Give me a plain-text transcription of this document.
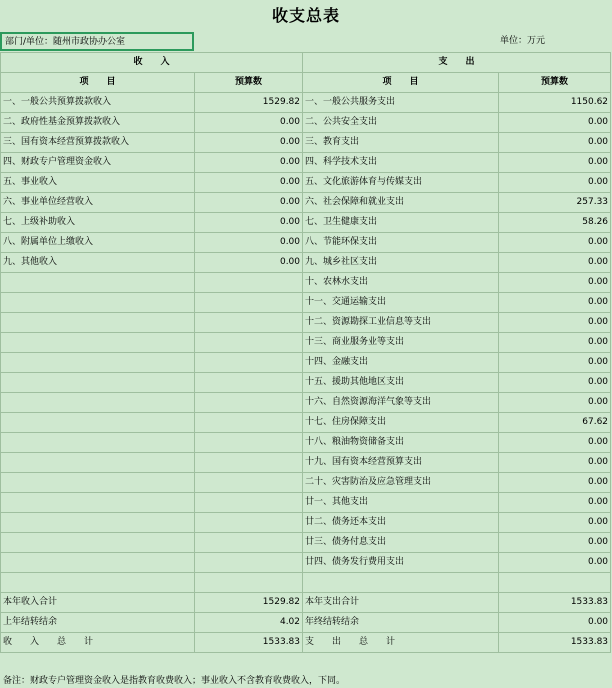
收支总表
部门/单位：随州市政协办公室	单位：万元
收　　入		支　　出	
项　　目	预算数	项　　目	预算数
一、一般公共预算拨款收入	1529.82	一、一般公共服务支出	1150.62
二、政府性基金预算拨款收入	0.00	二、公共安全支出	0.00
三、国有资本经营预算拨款收入	0.00	三、教育支出	0.00
四、财政专户管理资金收入	0.00	四、科学技术支出	0.00
五、事业收入	0.00	五、文化旅游体育与传媒支出	0.00
六、事业单位经营收入	0.00	六、社会保障和就业支出	257.33
七、上级补助收入	0.00	七、卫生健康支出	58.26
八、附属单位上缴收入	0.00	八、节能环保支出	0.00
九、其他收入	0.00	九、城乡社区支出	0.00
		十、农林水支出	0.00
		十一、交通运输支出	0.00
		十二、资源勘探工业信息等支出	0.00
		十三、商业服务业等支出	0.00
		十四、金融支出	0.00
		十五、援助其他地区支出	0.00
		十六、自然资源海洋气象等支出	0.00
		十七、住房保障支出	67.62
		十八、粮油物资储备支出	0.00
		十九、国有资本经营预算支出	0.00
		二十、灾害防治及应急管理支出	0.00
		廿一、其他支出	0.00
		廿二、债务还本支出	0.00
		廿三、债务付息支出	0.00
		廿四、债务发行费用支出	0.00

本年收入合计	1529.82	本年支出合计	1533.83
上年结转结余	4.02	年终结转结余	0.00
收　　入　　总　　计	1533.83	支　　出　　总　　计	1533.83
备注：财政专户管理资金收入是指教育收费收入；事业收入不含教育收费收入，下同。
